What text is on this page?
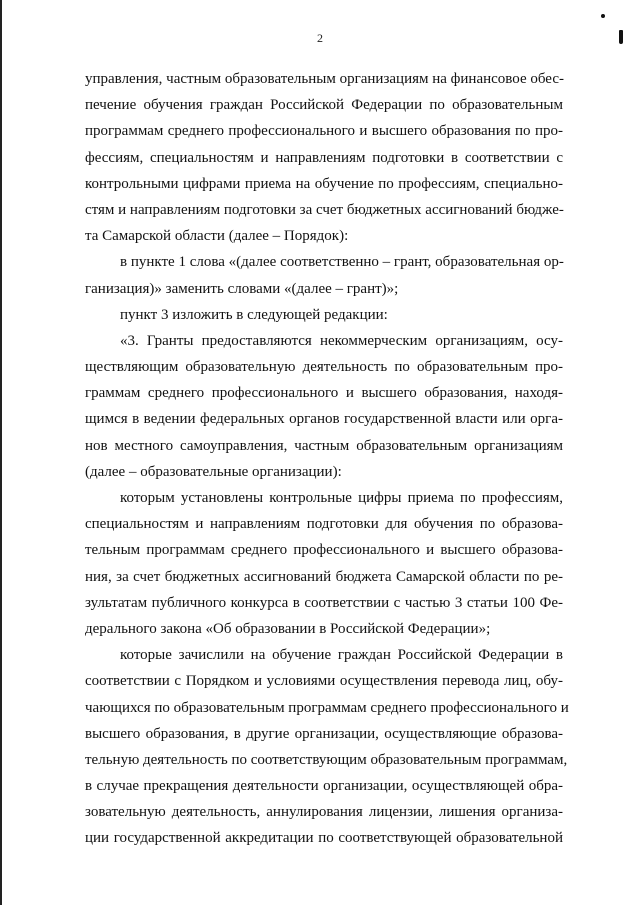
2
управления, частным образовательным организациям на финансовое обес-
печение обучения граждан Российской Федерации по образовательным
программам среднего профессионального и высшего образования по про-
фессиям, специальностям и направлениям подготовки в соответствии с
контрольными цифрами приема на обучение по профессиям, специально-
стям и направлениям подготовки за счет бюджетных ассигнований бюдже-
та Самарской области (далее – Порядок):
в пункте 1 слова «(далее соответственно – грант, образовательная ор-
ганизация)» заменить словами «(далее – грант)»;
пункт 3 изложить в следующей редакции:
«3. Гранты предоставляются некоммерческим организациям, осу-
ществляющим образовательную деятельность по образовательным про-
граммам среднего профессионального и высшего образования, находя-
щимся в ведении федеральных органов государственной власти или орга-
нов местного самоуправления, частным образовательным организациям
(далее – образовательные организации):
которым установлены контрольные цифры приема по профессиям,
специальностям и направлениям подготовки для обучения по образова-
тельным программам среднего профессионального и высшего образова-
ния, за счет бюджетных ассигнований бюджета Самарской области по ре-
зультатам публичного конкурса в соответствии с частью 3 статьи 100 Фе-
дерального закона «Об образовании в Российской Федерации»;
которые зачислили на обучение граждан Российской Федерации в
соответствии с Порядком и условиями осуществления перевода лиц, обу-
чающихся по образовательным программам среднего профессионального и
высшего образования, в другие организации, осуществляющие образова-
тельную деятельность по соответствующим образовательным программам,
в случае прекращения деятельности организации, осуществляющей обра-
зовательную деятельность, аннулирования лицензии, лишения организа-
ции государственной аккредитации по соответствующей образовательной
